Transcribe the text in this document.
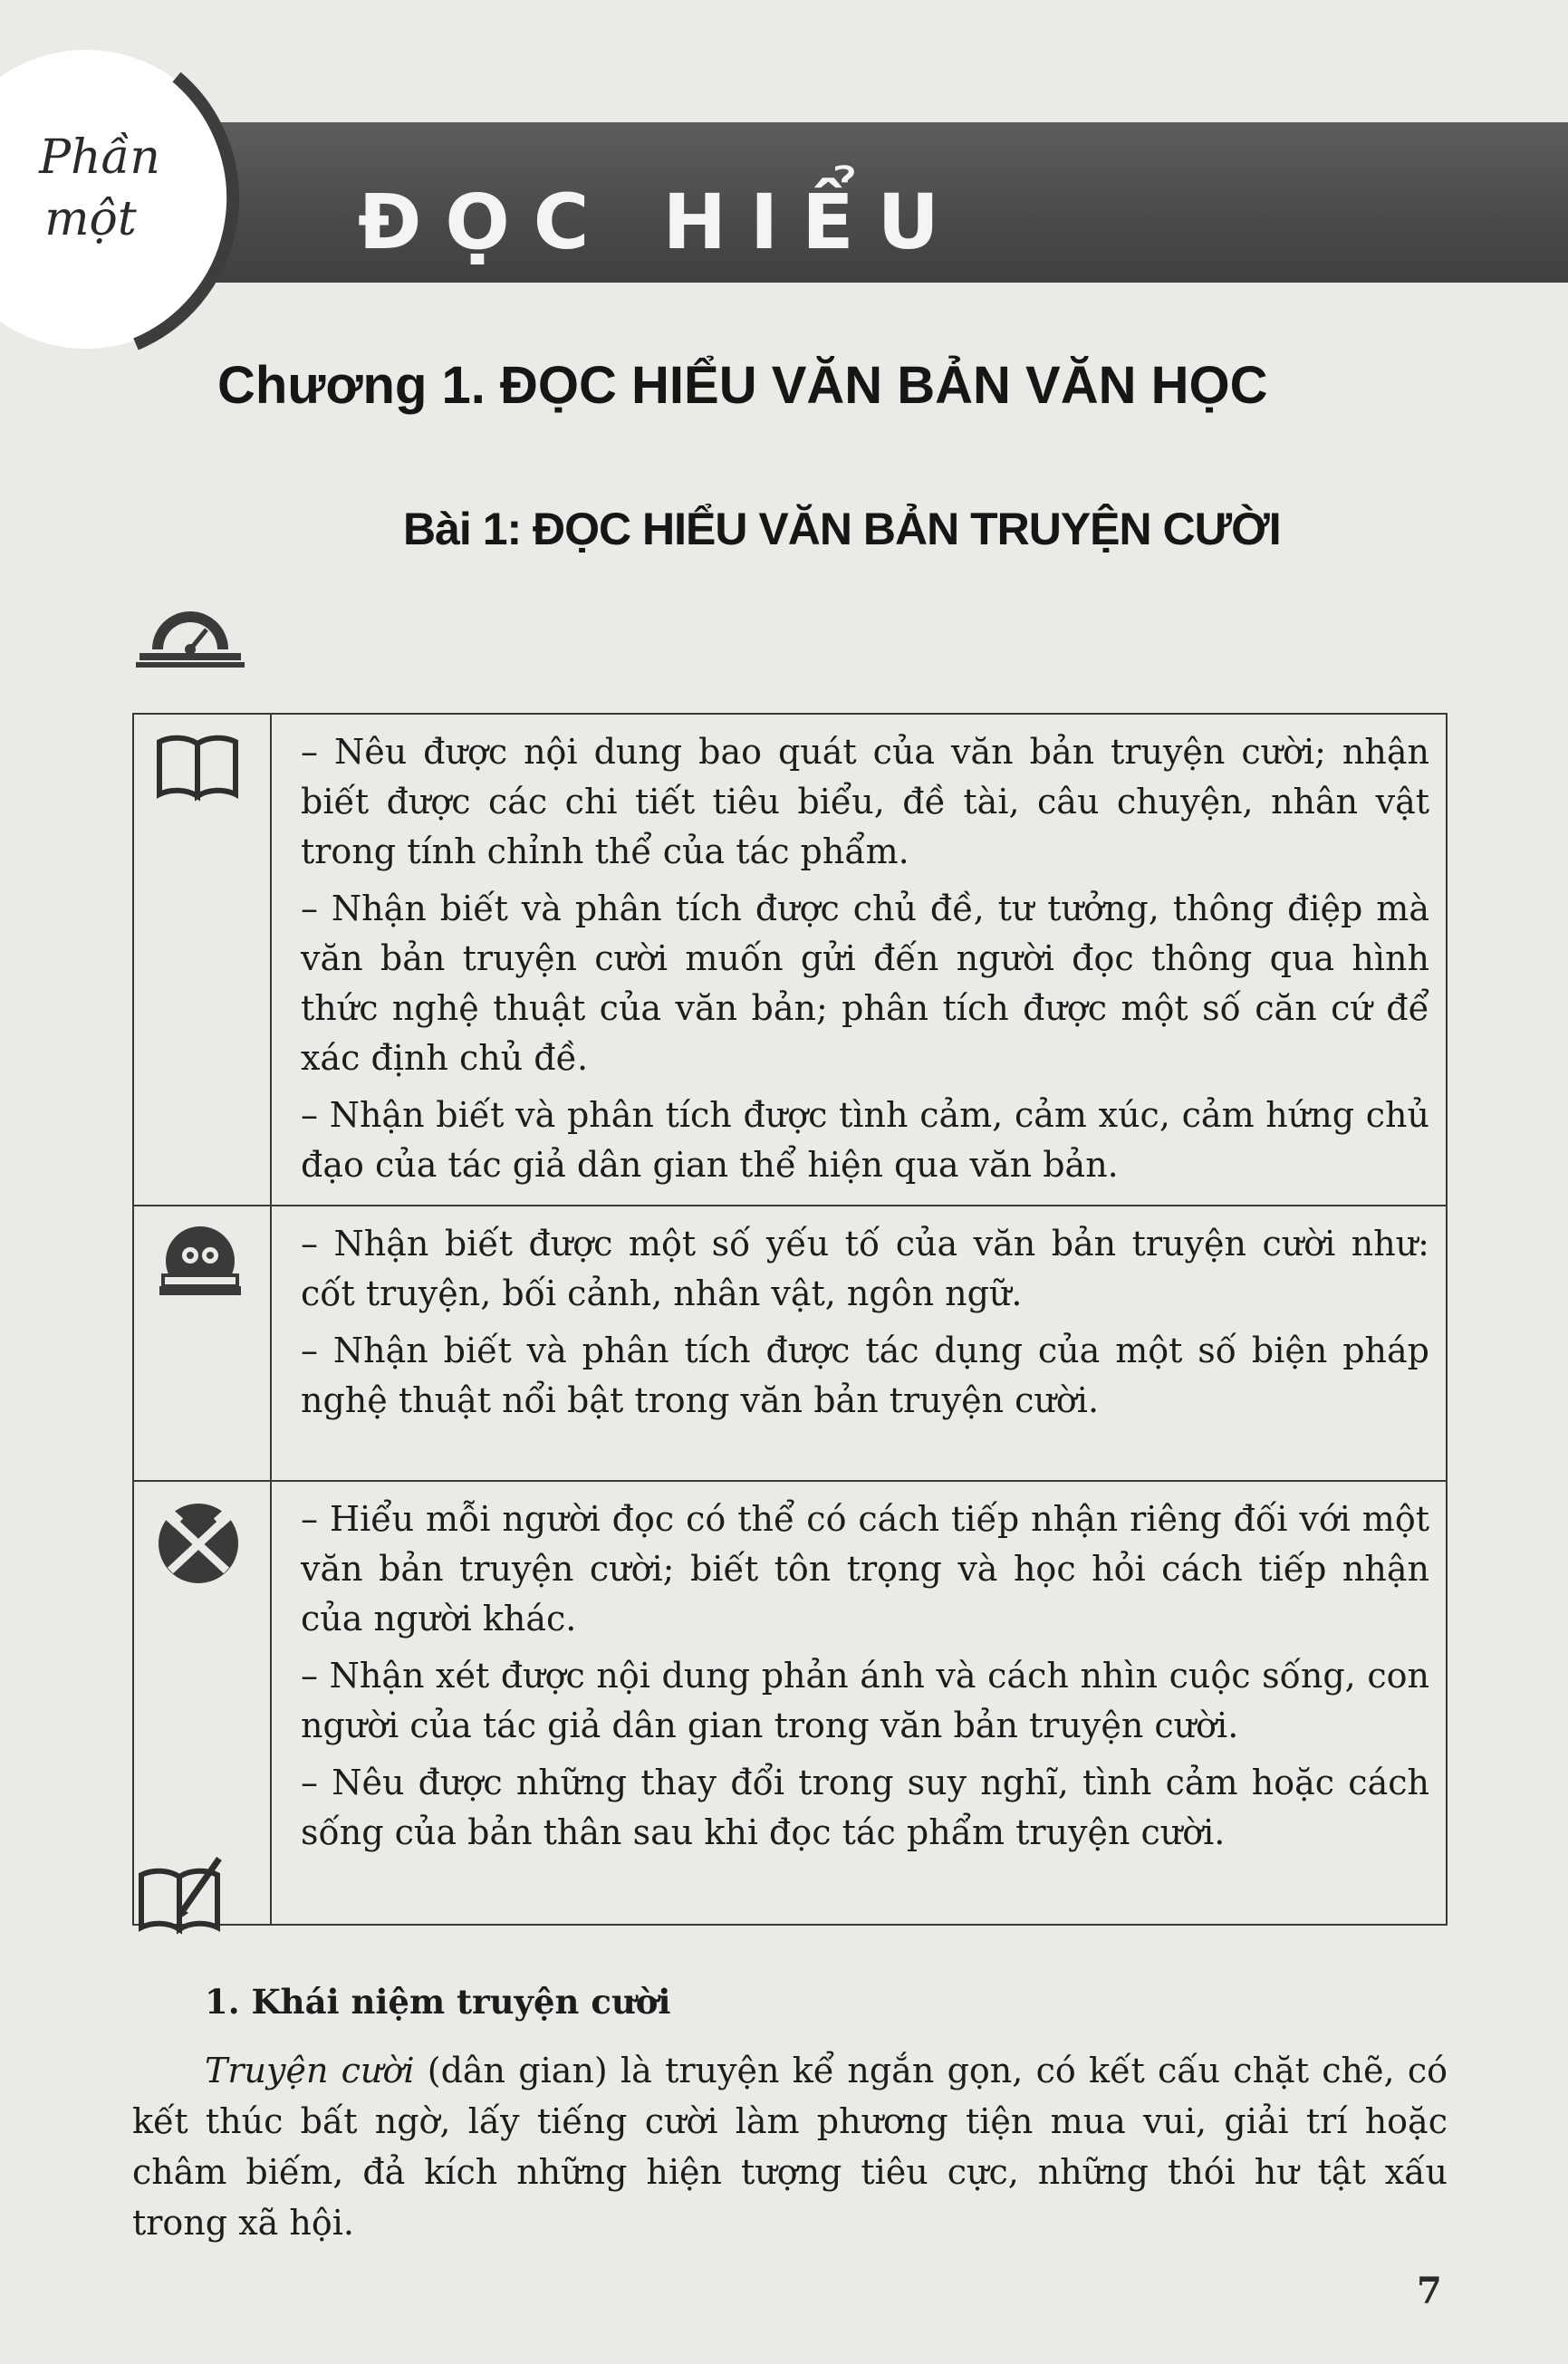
Phần
một	ĐỌC HIỂU
Chương 1. ĐỌC HIỂU VĂN BẢN VĂN HỌC
Bài 1: ĐỌC HIỂU VĂN BẢN TRUYỆN CƯỜI

– Nêu được nội dung bao quát của văn bản truyện cười; nhận biết được các chi tiết tiêu biểu, đề tài, câu chuyện, nhân vật trong tính chỉnh thể của tác phẩm.

– Nhận biết và phân tích được chủ đề, tư tưởng, thông điệp mà văn bản truyện cười muốn gửi đến người đọc thông qua hình thức nghệ thuật của văn bản; phân tích được một số căn cứ để xác định chủ đề.

– Nhận biết và phân tích được tình cảm, cảm xúc, cảm hứng chủ đạo của tác giả dân gian thể hiện qua văn bản.

– Nhận biết được một số yếu tố của văn bản truyện cười như: cốt truyện, bối cảnh, nhân vật, ngôn ngữ.

– Nhận biết và phân tích được tác dụng của một số biện pháp nghệ thuật nổi bật trong văn bản truyện cười.

– Hiểu mỗi người đọc có thể có cách tiếp nhận riêng đối với một văn bản truyện cười; biết tôn trọng và học hỏi cách tiếp nhận của người khác.

– Nhận xét được nội dung phản ánh và cách nhìn cuộc sống, con người của tác giả dân gian trong văn bản truyện cười.

– Nêu được những thay đổi trong suy nghĩ, tình cảm hoặc cách sống của bản thân sau khi đọc tác phẩm truyện cười.

1. Khái niệm truyện cười
Truyện cười (dân gian) là truyện kể ngắn gọn, có kết cấu chặt chẽ, có kết thúc bất ngờ, lấy tiếng cười làm phương tiện mua vui, giải trí hoặc châm biếm, đả kích những hiện tượng tiêu cực, những thói hư tật xấu trong xã hội.
7
